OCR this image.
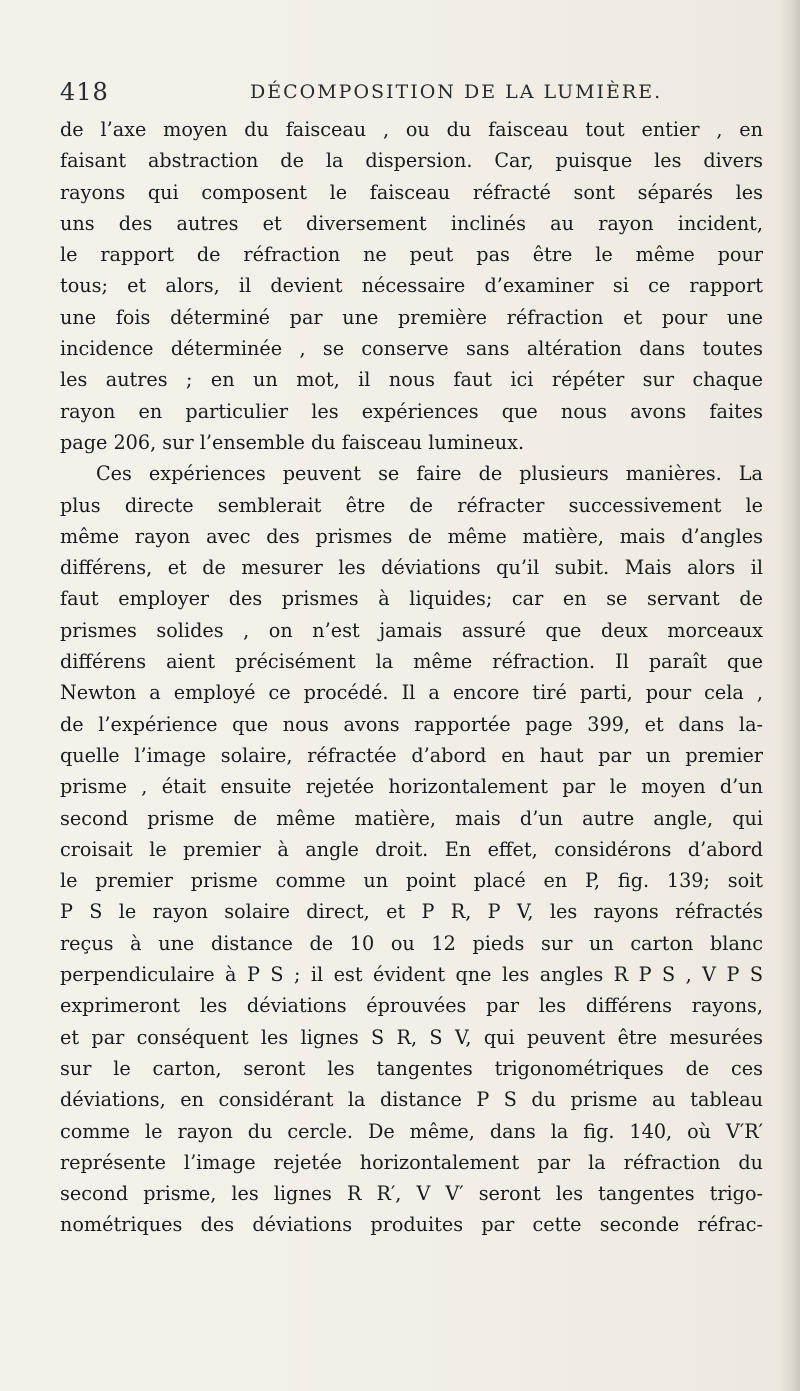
418	DÉCOMPOSITION DE LA LUMIÈRE.
de l’axe moyen du faisceau , ou du faisceau tout entier , en
faisant abstraction de la dispersion. Car, puisque les divers
rayons qui composent le faisceau réfracté sont séparés les
uns des autres et diversement inclinés au rayon incident,
le rapport de réfraction ne peut pas être le même pour
tous; et alors, il devient nécessaire d’examiner si ce rapport
une fois déterminé par une première réfraction et pour une
incidence déterminée , se conserve sans altération dans toutes
les autres ; en un mot, il nous faut ici répéter sur chaque
rayon en particulier les expériences que nous avons faites
page 206, sur l’ensemble du faisceau lumineux.
Ces expériences peuvent se faire de plusieurs manières. La
plus directe semblerait être de réfracter successivement le
même rayon avec des prismes de même matière, mais d’angles
différens, et de mesurer les déviations qu’il subit. Mais alors il
faut employer des prismes à liquides; car en se servant de
prismes solides , on n’est jamais assuré que deux morceaux
différens aient précisément la même réfraction. Il paraît que
Newton a employé ce procédé. Il a encore tiré parti, pour cela ,
de l’expérience que nous avons rapportée page 399, et dans la-
quelle l’image solaire, réfractée d’abord en haut par un premier
prisme , était ensuite rejetée horizontalement par le moyen d’un
second prisme de même matière, mais d’un autre angle, qui
croisait le premier à angle droit. En effet, considérons d’abord
le premier prisme comme un point placé en P, fig. 139; soit
P S le rayon solaire direct, et P R, P V, les rayons réfractés
reçus à une distance de 10 ou 12 pieds sur un carton blanc
perpendiculaire à P S ; il est évident qne les angles R P S , V P S
exprimeront les déviations éprouvées par les différens rayons,
et par conséquent les lignes S R, S V, qui peuvent être mesurées
sur le carton, seront les tangentes trigonométriques de ces
déviations, en considérant la distance P S du prisme au tableau
comme le rayon du cercle. De même, dans la fig. 140, où V′R′
représente l’image rejetée horizontalement par la réfraction du
second prisme, les lignes R R′, V V′ seront les tangentes trigo-
nométriques des déviations produites par cette seconde réfrac-
